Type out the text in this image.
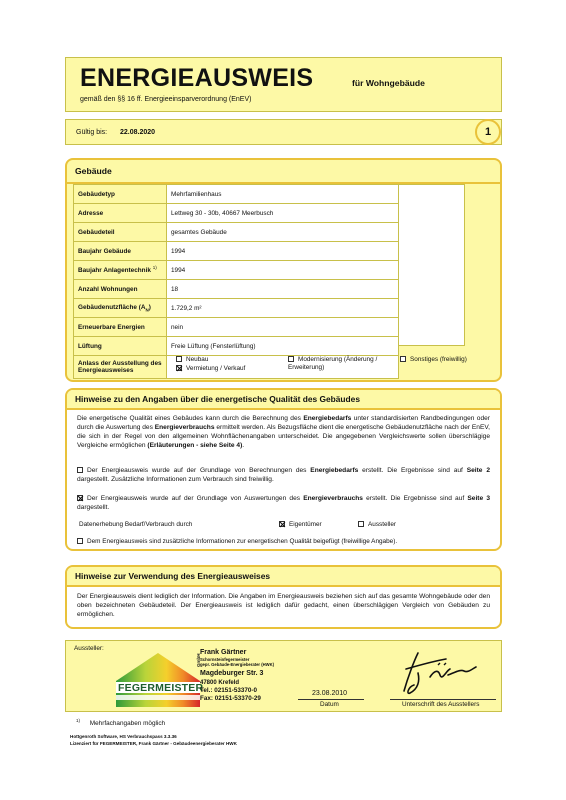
ENERGIEAUSWEIS	für Wohngebäude
gemäß den §§ 16 ff. Energieeinsparverordnung (EnEV)
Gültig bis: 22.08.2020	1
Gebäude
Gebäudetyp	Mehrfamilienhaus
Adresse	Lettweg 30 - 30b, 40667 Meerbusch
Gebäudeteil	gesamtes Gebäude
Baujahr Gebäude	1994
Baujahr Anlagentechnik $^{1)}$	1994
Anzahl Wohnungen	18
Gebäudenutzfläche $(A_N)$	1.729,2 m²
Erneuerbare Energien	nein
Lüftung	Freie Lüftung (Fensterlüftung)
Anlass der Ausstellung des Energieausweises	
Neubau
Vermietung / Verkauf
Modernisierung (Änderung / Erweiterung)
Sonstiges (freiwillig)
Hinweise zu den Angaben über die energetische Qualität des Gebäudes

Die energetische Qualität eines Gebäudes kann durch die Berechnung des Energiebedarfs unter standardisierten Randbedingungen oder durch die Auswertung des Energieverbrauchs ermittelt werden. Als Bezugsfläche dient die energetische Gebäudenutzfläche nach der EnEV, die sich in der Regel von den allgemeinen Wohnflächenangaben unterscheidet. Die angegebenen Vergleichswerte sollen überschlägige Vergleiche ermöglichen (Erläuterungen - siehe Seite 4).

Der Energieausweis wurde auf der Grundlage von Berechnungen des Energiebedarfs erstellt. Die Ergebnisse sind auf Seite 2 dargestellt. Zusätzliche Informationen zum Verbrauch sind freiwillig.

Der Energieausweis wurde auf der Grundlage von Auswertungen des Energieverbrauchs erstellt. Die Ergebnisse sind auf Seite 3 dargestellt.

Datenerhebung Bedarf/Verbrauch durch	Eigentümer	Aussteller
Dem Energieausweis sind zusätzliche Informationen zur energetischen Qualität beigefügt (freiwillige Angabe).
Hinweise zur Verwendung des Energieausweises

Der Energieausweis dient lediglich der Information. Die Angaben im Energieausweis beziehen sich auf das gesamte Wohngebäude oder den oben bezeichneten Gebäudeteil. Der Energieausweis ist lediglich dafür gedacht, einen überschlägigen Vergleich von Gebäuden zu ermöglichen.

Aussteller:
FEGERMEISTER
GmbH
Frank Gärtner
Schornsteinfegermeister
gepr. Gebäude-Energieberater (HWK)
Magdeburger Str. 3
47800 Krefeld
Tel.: 02151-53370-0
Fax: 02151-53370-29
23.08.2010
Datum	Unterschrift des Ausstellers
$^{1)}$ Mehrfachangaben möglich
Hottgenroth Software, HS Verbrauchspass 3.3.36
Lizenziert für FEGERMEISTER, Frank Gärtner - Gebäudeenergieberater HWK
